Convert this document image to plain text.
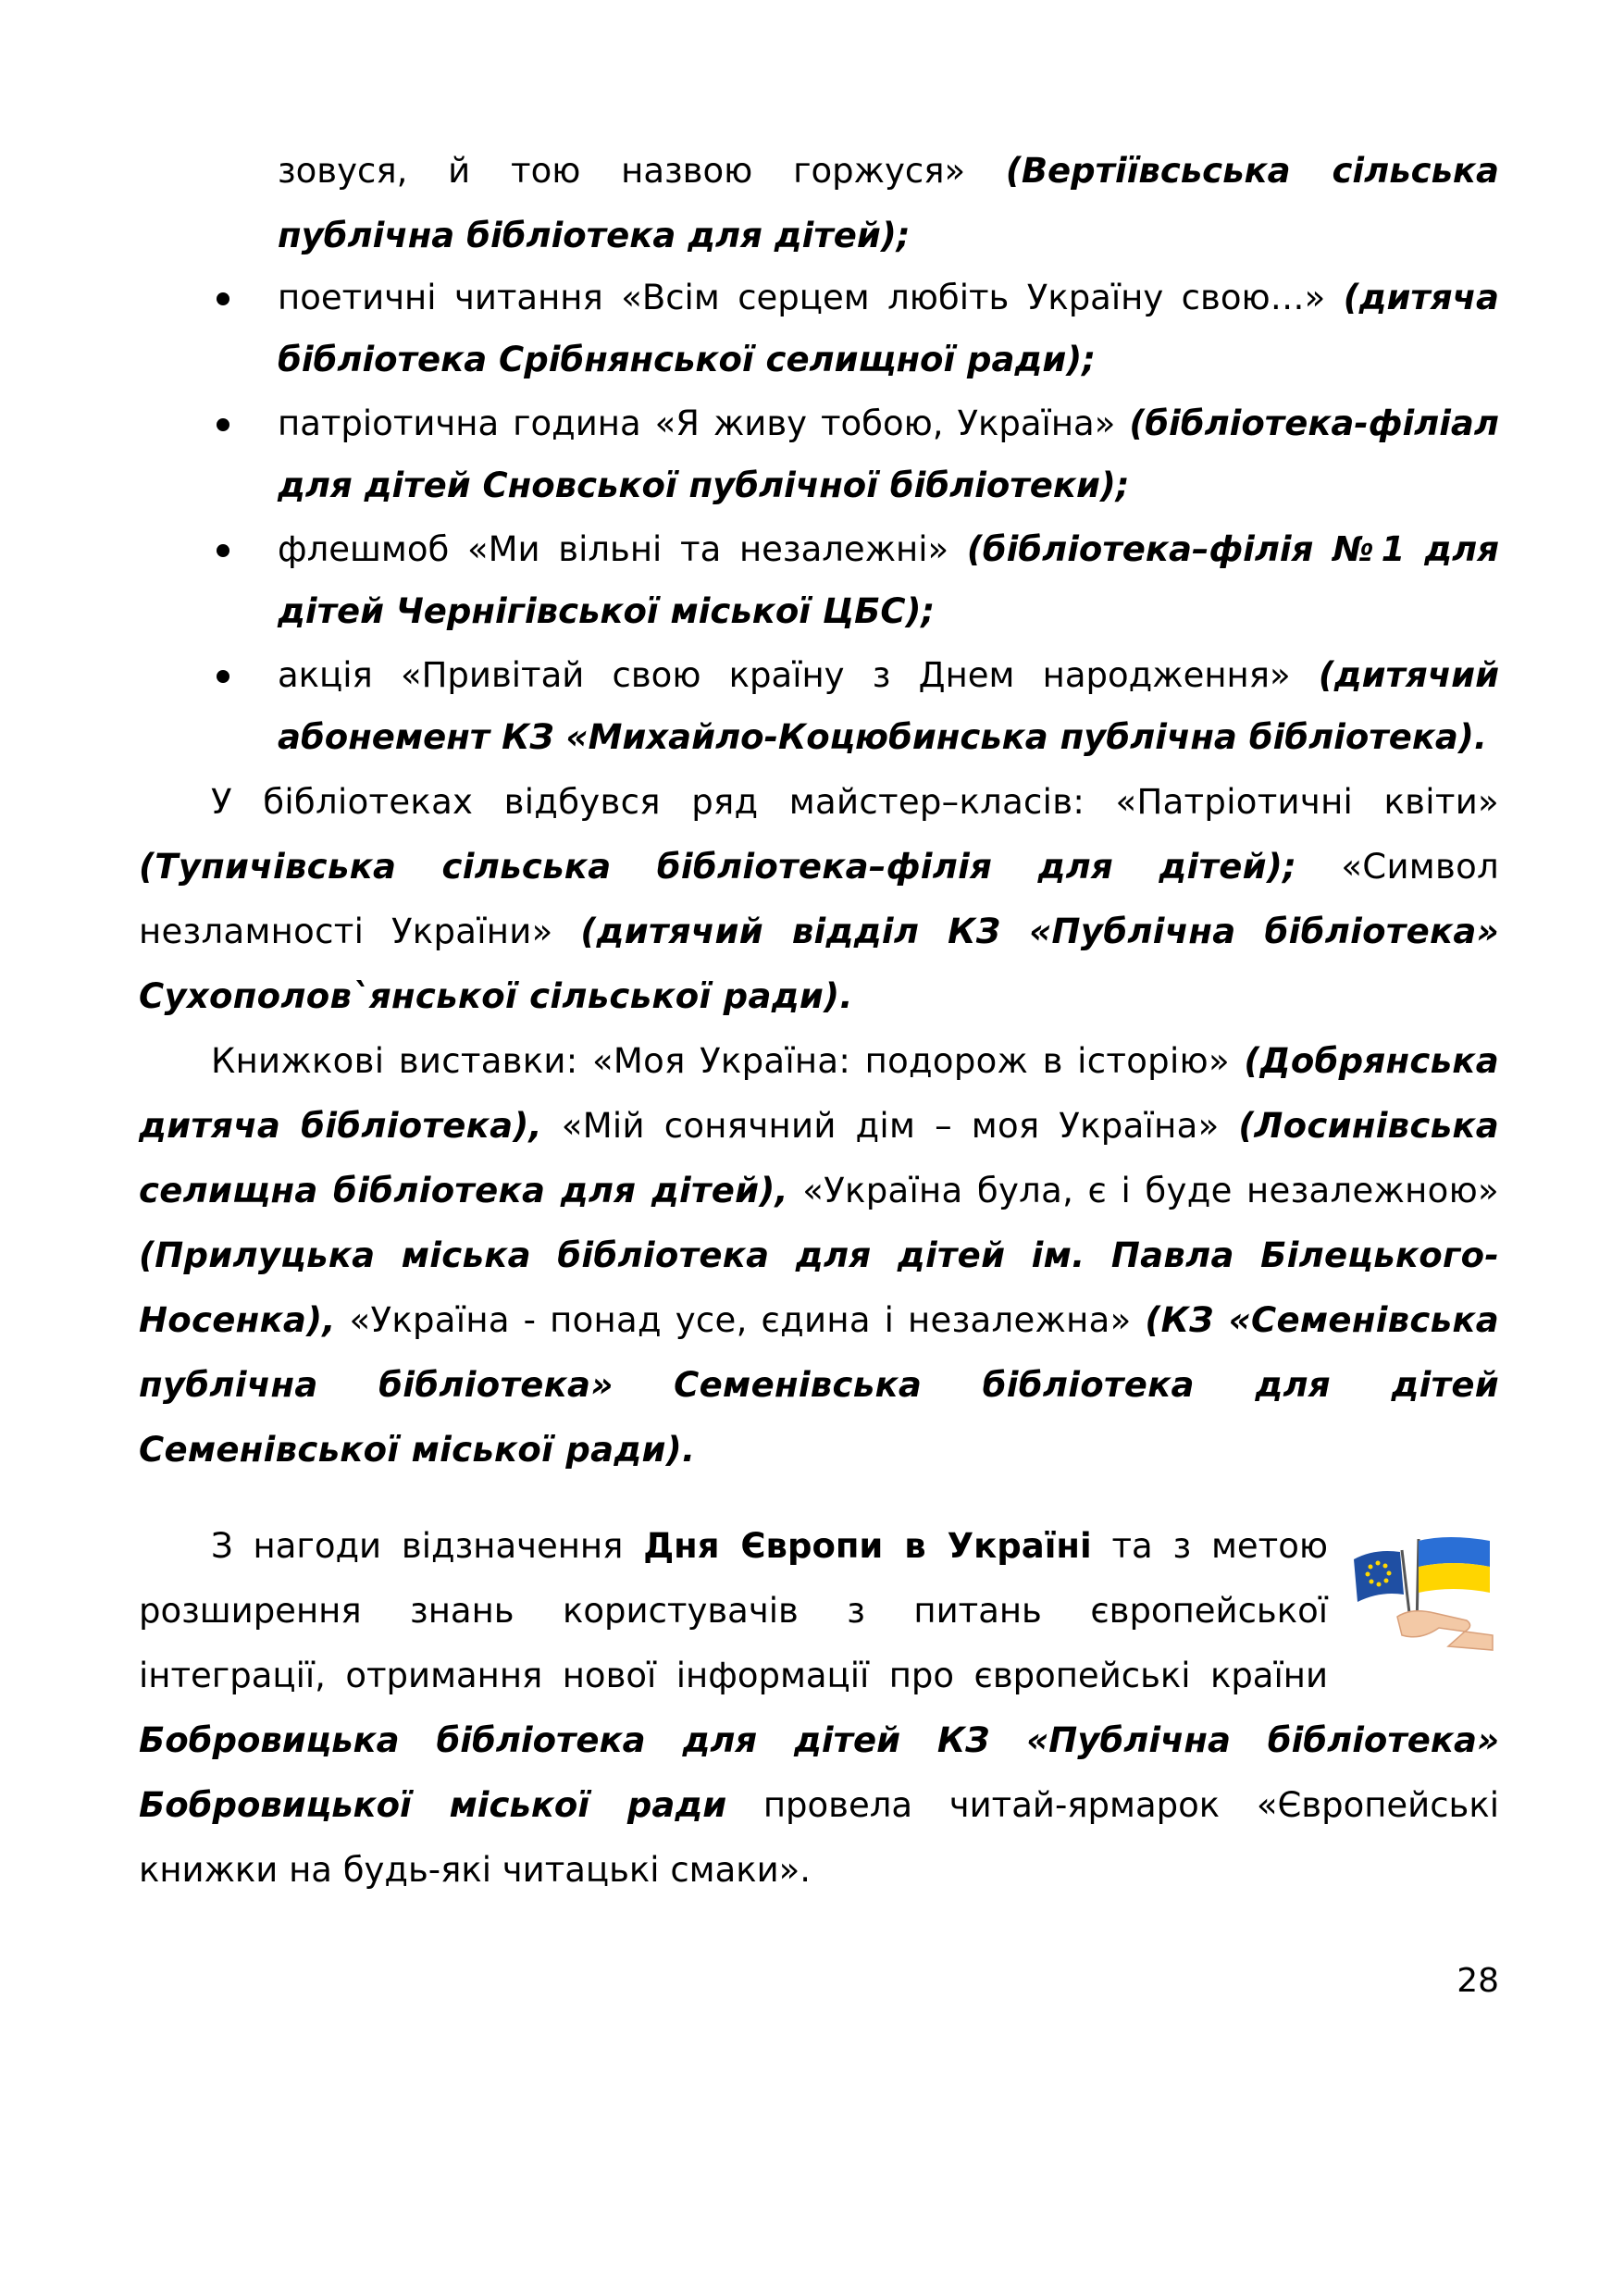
зовуся, й тою назвою горжуся» (Вертіївсьська сільська публічна бібліотека для дітей);
поетичні читання «Всім серцем любіть Україну свою…» (дитяча бібліотека Срібнянської селищної ради);
патріотична година «Я живу тобою, Україна» (бібліотека-філіал для дітей Сновської публічної бібліотеки);
флешмоб «Ми вільні та незалежні» (бібліотека–філія №1 для дітей Чернігівської міської ЦБС);
акція «Привітай свою країну з Днем народження» (дитячий абонемент КЗ «Михайло-Коцюбинська публічна бібліотека).
У бібліотеках відбувся ряд майстер–класів: «Патріотичні квіти» (Тупичівська сільська бібліотека–філія для дітей); «Символ незламності України» (дитячий відділ КЗ «Публічна бібліотека» Сухополов`янської сільської ради).
Книжкові виставки: «Моя Україна: подорож в історію» (Добрянська дитяча бібліотека), «Мій сонячний дім – моя Україна» (Лосинівська селищна бібліотека для дітей), «Україна була, є і буде незалежною» (Прилуцька міська бібліотека для дітей ім. Павла Білецького-Носенка), «Україна - понад усе, єдина і незалежна» (КЗ «Семенівська публічна бібліотека» Семенівська бібліотека для дітей Семенівської міської ради).
З нагоди відзначення Дня Європи в Україні та з метою розширення знань користувачів з питань європейської інтеграції, отримання нової інформації про європейські країни Бобровицька бібліотека для дітей КЗ «Публічна бібліотека» Бобровицької міської ради провела читай-ярмарок «Європейські книжки на будь-які читацькі смаки».
28
